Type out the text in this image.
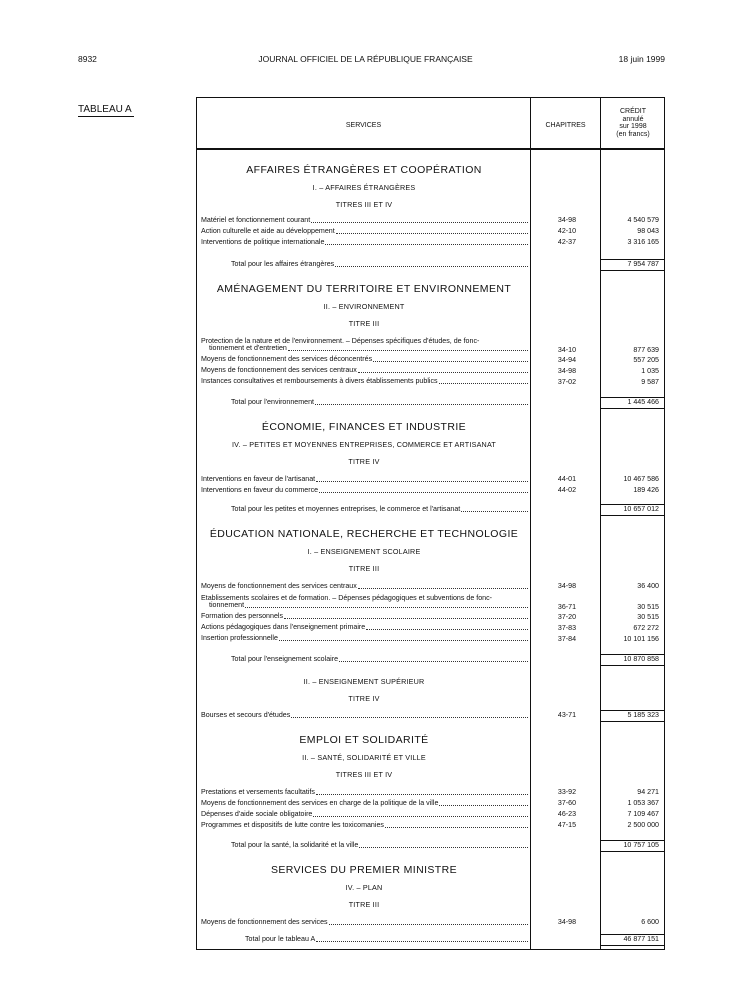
8932	JOURNAL OFFICIEL DE LA RÉPUBLIQUE FRANÇAISE	18 juin 1999
TABLEAU A
SERVICES	CHAPITRES
CRÉDIT
annulé
sur 1998
(en francs)
AFFAIRES ÉTRANGÈRES ET COOPÉRATION
I. – AFFAIRES ÉTRANGÈRES
TITRES III ET IV
Matériel et fonctionnement courant	34-98	4 540 579
Action culturelle et aide au développement	42-10	98 043
Interventions de politique internationale	42-37	3 316 165
Total pour les affaires étrangères	7 954 787
AMÉNAGEMENT DU TERRITOIRE ET ENVIRONNEMENT
II. – ENVIRONNEMENT
TITRE III
Protection de la nature et de l'environnement. – Dépenses spécifiques d'études, de fonc-
tionnement et d'entretien	34-10	877 639
Moyens de fonctionnement des services déconcentrés	34-94	557 205
Moyens de fonctionnement des services centraux	34-98	1 035
Instances consultatives et remboursements à divers établissements publics	37-02	9 587
Total pour l'environnement	1 445 466
ÉCONOMIE, FINANCES ET INDUSTRIE
IV. – PETITES ET MOYENNES ENTREPRISES, COMMERCE ET ARTISANAT
TITRE IV
Interventions en faveur de l'artisanat	44-01	10 467 586
Interventions en faveur du commerce	44-02	189 426
Total pour les petites et moyennes entreprises, le commerce et l'artisanat	10 657 012
ÉDUCATION NATIONALE, RECHERCHE ET TECHNOLOGIE
I. – ENSEIGNEMENT SCOLAIRE
TITRE III
Moyens de fonctionnement des services centraux	34-98	36 400
Etablissements scolaires et de formation. – Dépenses pédagogiques et subventions de fonc-
tionnement	36-71	30 515
Formation des personnels	37-20	30 515
Actions pédagogiques dans l'enseignement primaire	37-83	672 272
Insertion professionnelle	37-84	10 101 156
Total pour l'enseignement scolaire	10 870 858
II. – ENSEIGNEMENT SUPÉRIEUR
TITRE IV
Bourses et secours d'études	43-71	5 185 323
EMPLOI ET SOLIDARITÉ
II. – SANTÉ, SOLIDARITÉ ET VILLE
TITRES III ET IV
Prestations et versements facultatifs	33-92	94 271
Moyens de fonctionnement des services en charge de la politique de la ville	37-60	1 053 367
Dépenses d'aide sociale obligatoire	46-23	7 109 467
Programmes et dispositifs de lutte contre les toxicomanies	47-15	2 500 000
Total pour la santé, la solidarité et la ville	10 757 105
SERVICES DU PREMIER MINISTRE
IV. – PLAN
TITRE III
Moyens de fonctionnement des services	34-98	6 600
Total pour le tableau A	46 877 151
